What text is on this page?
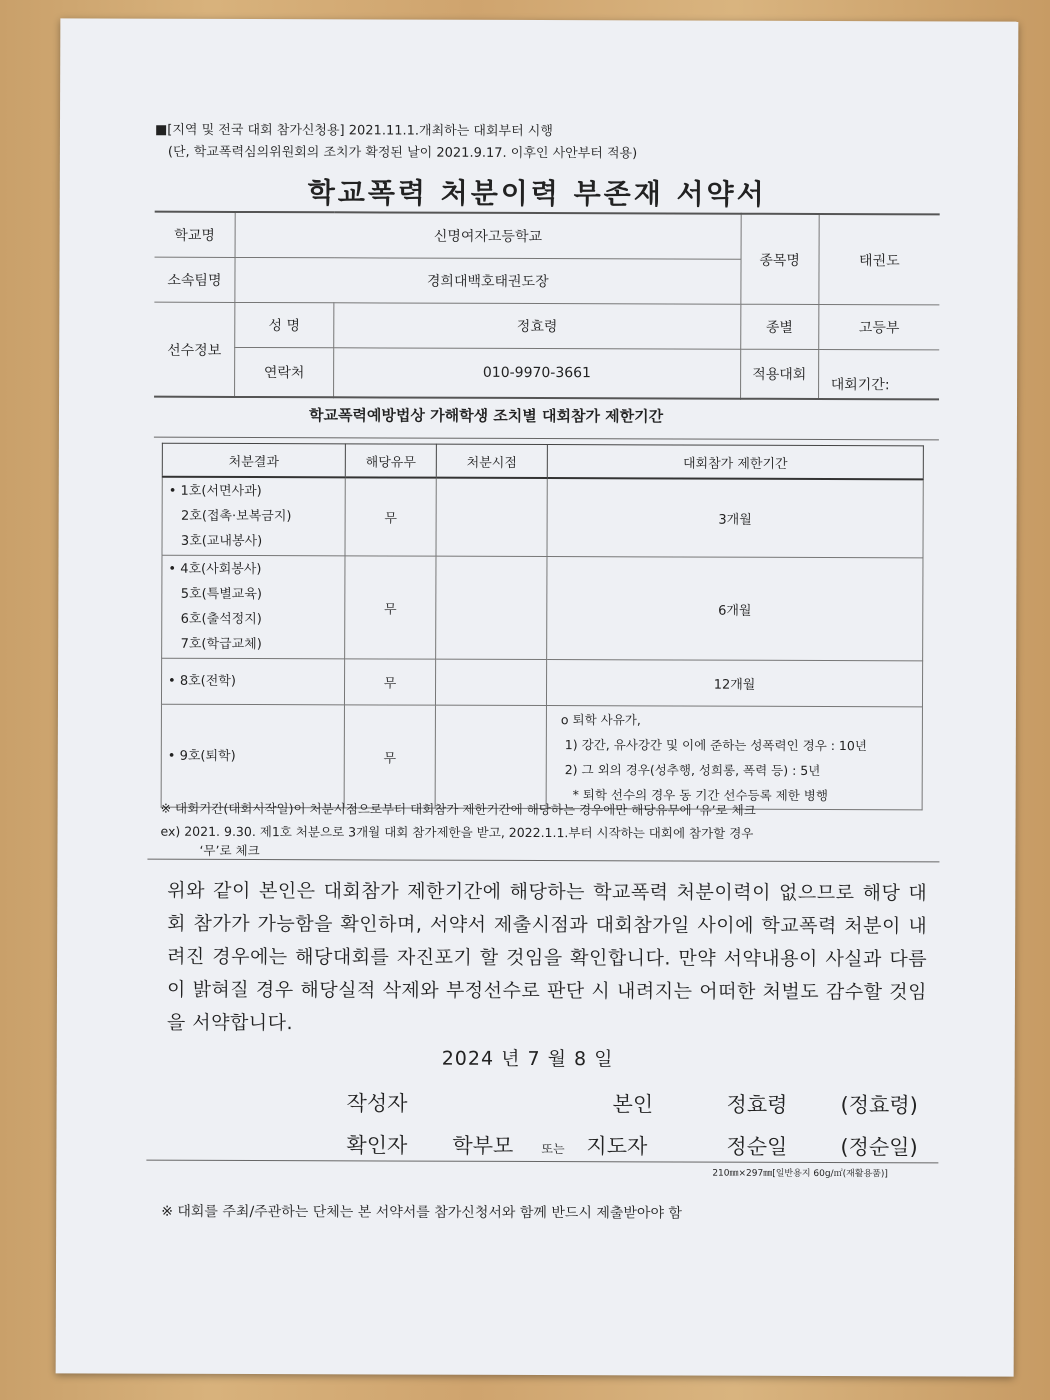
■[지역 및 전국 대회 참가신청용] 2021.11.1.개최하는 대회부터 시행
(단, 학교폭력심의위원회의 조치가 확정된 날이 2021.9.17. 이후인 사안부터 적용)
학교폭력 처분이력 부존재 서약서
학교명	신명여자고등학교		종목명	태권도
소속팀명	경희대백호태권도장			
선수정보	성 명	정효령	종별	고등부
	연락처	010-9970-3661	적용대회	대회기간:
학교폭력예방법상 가해학생 조치별 대회참가 제한기간
처분결과	해당유무	처분시점	대회참가 제한기간
• 1호(서면사과)
2호(접촉·보복금지)
3호(교내봉사)	무		3개월
• 4호(사회봉사)
5호(특별교육)
6호(출석정지)
7호(학급교체)	무		6개월
• 8호(전학)	무		12개월
• 9호(퇴학)	무		o 퇴학 사유가,
1) 강간, 유사강간 및 이에 준하는 성폭력인 경우 : 10년
2) 그 외의 경우(성추행, 성희롱, 폭력 등) : 5년
* 퇴학 선수의 경우 동 기간 선수등록 제한 병행
※ 대회기간(대회시작일)이 처분시점으로부터 대회참가 제한기간에 해당하는 경우에만 해당유무에 ‘유’로 체크
ex) 2021. 9.30. 제1호 처분으로 3개월 대회 참가제한을 받고, 2022.1.1.부터 시작하는 대회에 참가할 경우
‘무’로 체크
위와 같이 본인은 대회참가 제한기간에 해당하는 학교폭력 처분이력이 없으므로 해당 대회 참가가 가능함을 확인하며, 서약서 제출시점과 대회참가일 사이에 학교폭력 처분이 내려진 경우에는 해당대회를 자진포기 할 것임을 확인합니다. 만약 서약내용이 사실과 다름이 밝혀질 경우 해당실적 삭제와 부정선수로 판단 시 내려지는 어떠한 처벌도 감수할 것임을 서약합니다.
2024 년 7 월 8 일
작성자	본인	정효령	(정효령)
확인자 학부모 또는 지도자	정순일	(정순일)
210㎜×297㎜[일반용지 60g/㎡(재활용품)]
※ 대회를 주최/주관하는 단체는 본 서약서를 참가신청서와 함께 반드시 제출받아야 함
